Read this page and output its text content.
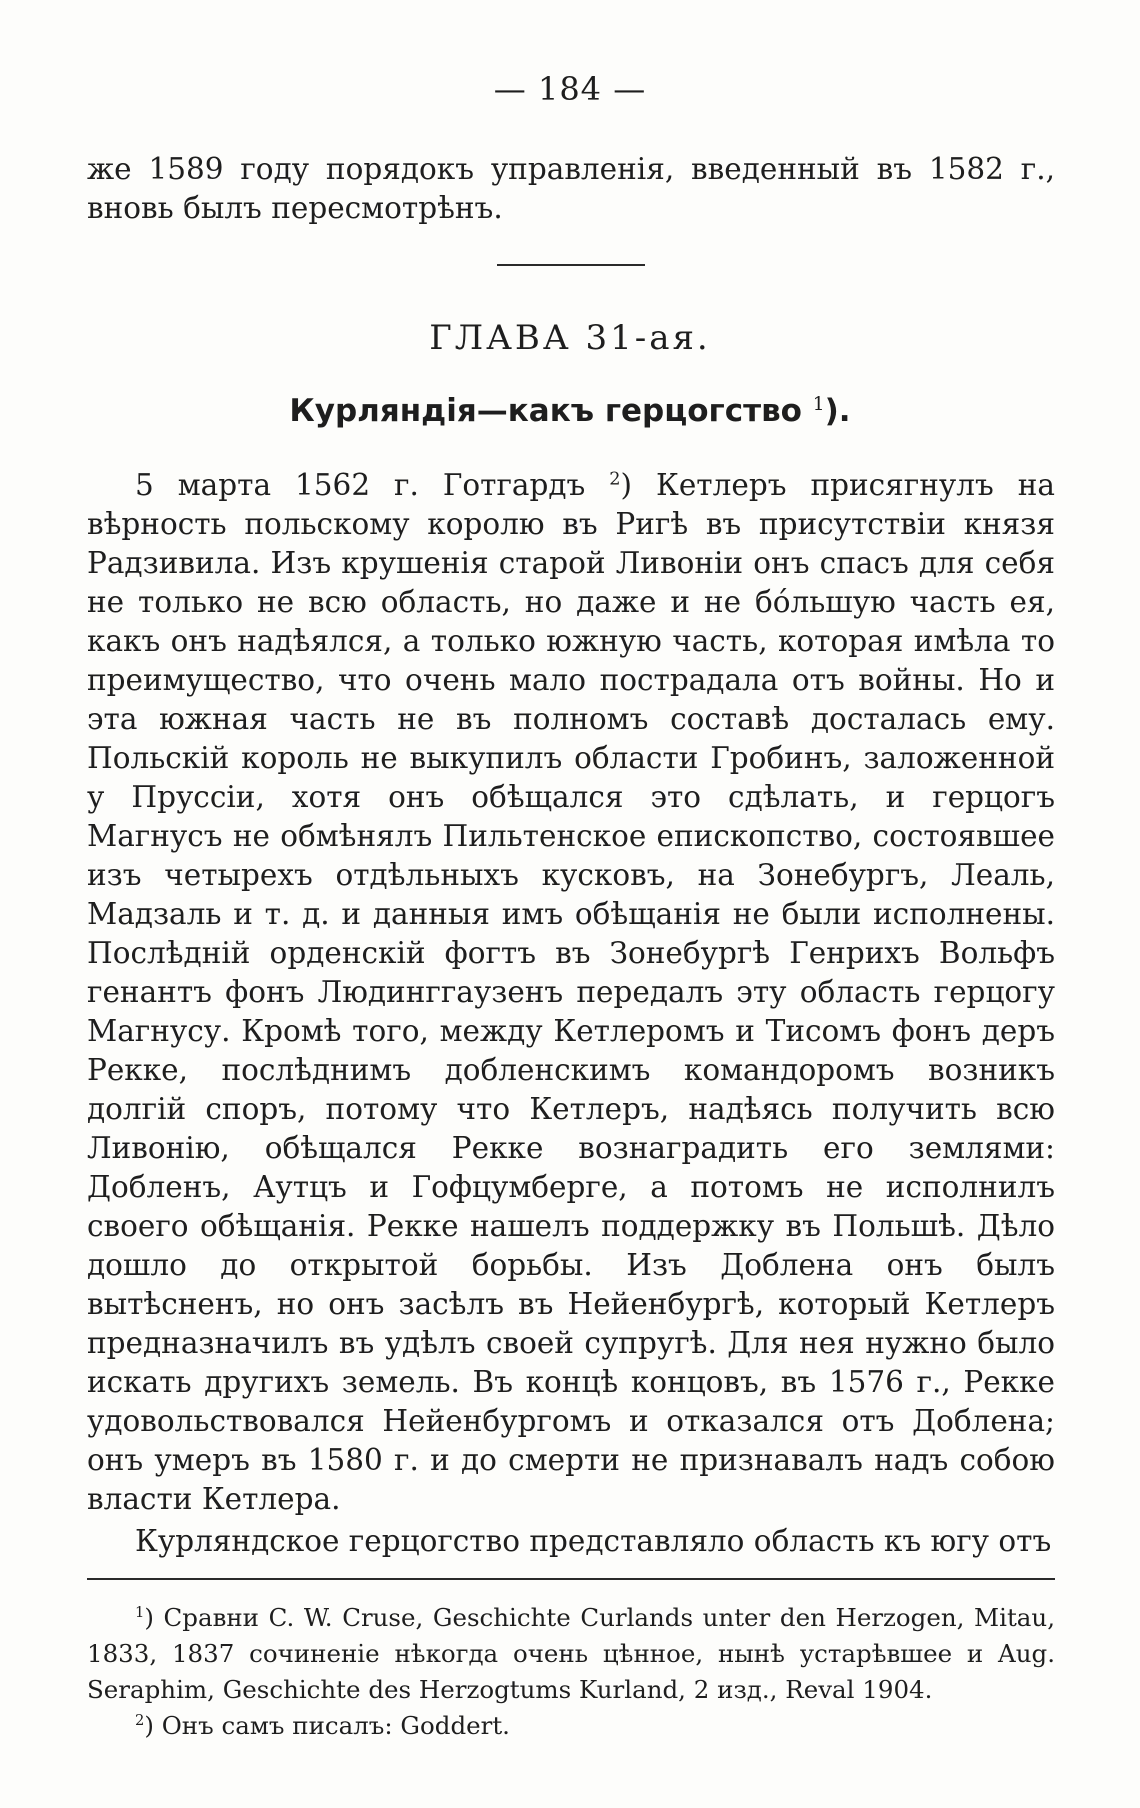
— 184 —

же 1589 году порядокъ управленія, введенный въ 1582 г., вновь былъ пересмотрѣнъ.

ГЛАВА 31-ая.
Курляндія—какъ герцогство $^1$).

5 марта 1562 г. Готгардъ $^2$) Кетлеръ присягнулъ на вѣрность польскому королю въ Ригѣ въ присутствіи князя Радзивила. Изъ крушенія старой Ливоніи онъ спасъ для себя не только не всю область, но даже и не бóльшую часть ея, какъ онъ надѣялся, а только южную часть, которая имѣла то преимущество, что очень мало пострадала отъ войны. Но и эта южная часть не въ полномъ составѣ досталась ему. Польскій король не выкупилъ области Гробинъ, заложенной у Пруссіи, хотя онъ обѣщался это сдѣлать, и герцогъ Магнусъ не обмѣнялъ Пильтенское епископство, состоявшее изъ четырехъ отдѣльныхъ кусковъ, на Зонебургъ, Леаль, Мадзаль и т. д. и данныя имъ обѣщанія не были исполнены. Послѣдній орденскій фогтъ въ Зонебургѣ Генрихъ Вольфъ генантъ фонъ Людинггаузенъ передалъ эту область герцогу Магнусу. Кромѣ того, между Кетлеромъ и Тисомъ фонъ деръ Рекке, послѣднимъ добленскимъ командоромъ возникъ долгій споръ, потому что Кетлеръ, надѣясь получить всю Ливонію, обѣщался Рекке вознаградить его землями: Добленъ, Аутцъ и Гофцумберге, а потомъ не исполнилъ своего обѣщанія. Рекке нашелъ поддержку въ Польшѣ. Дѣло дошло до открытой борьбы. Изъ Доблена онъ былъ вытѣсненъ, но онъ засѣлъ въ Нейенбургѣ, который Кетлеръ предназначилъ въ удѣлъ своей супругѣ. Для нея нужно было искать другихъ земель. Въ концѣ концовъ, въ 1576 г., Рекке удовольствовался Нейенбургомъ и отказался отъ Доблена; онъ умеръ въ 1580 г. и до смерти не признавалъ надъ собою власти Кетлера.

Курляндское герцогство представляло область къ югу отъ

$^1$) Сравни C. W. Cruse, Geschichte Curlands unter den Herzogen, Mitau, 1833, 1837 сочиненіе нѣкогда очень цѣнное, нынѣ устарѣвшее и Aug. Seraphim, Geschichte des Herzogtums Kurland, 2 изд., Reval 1904.

$^2$) Онъ самъ писалъ: Goddert.
